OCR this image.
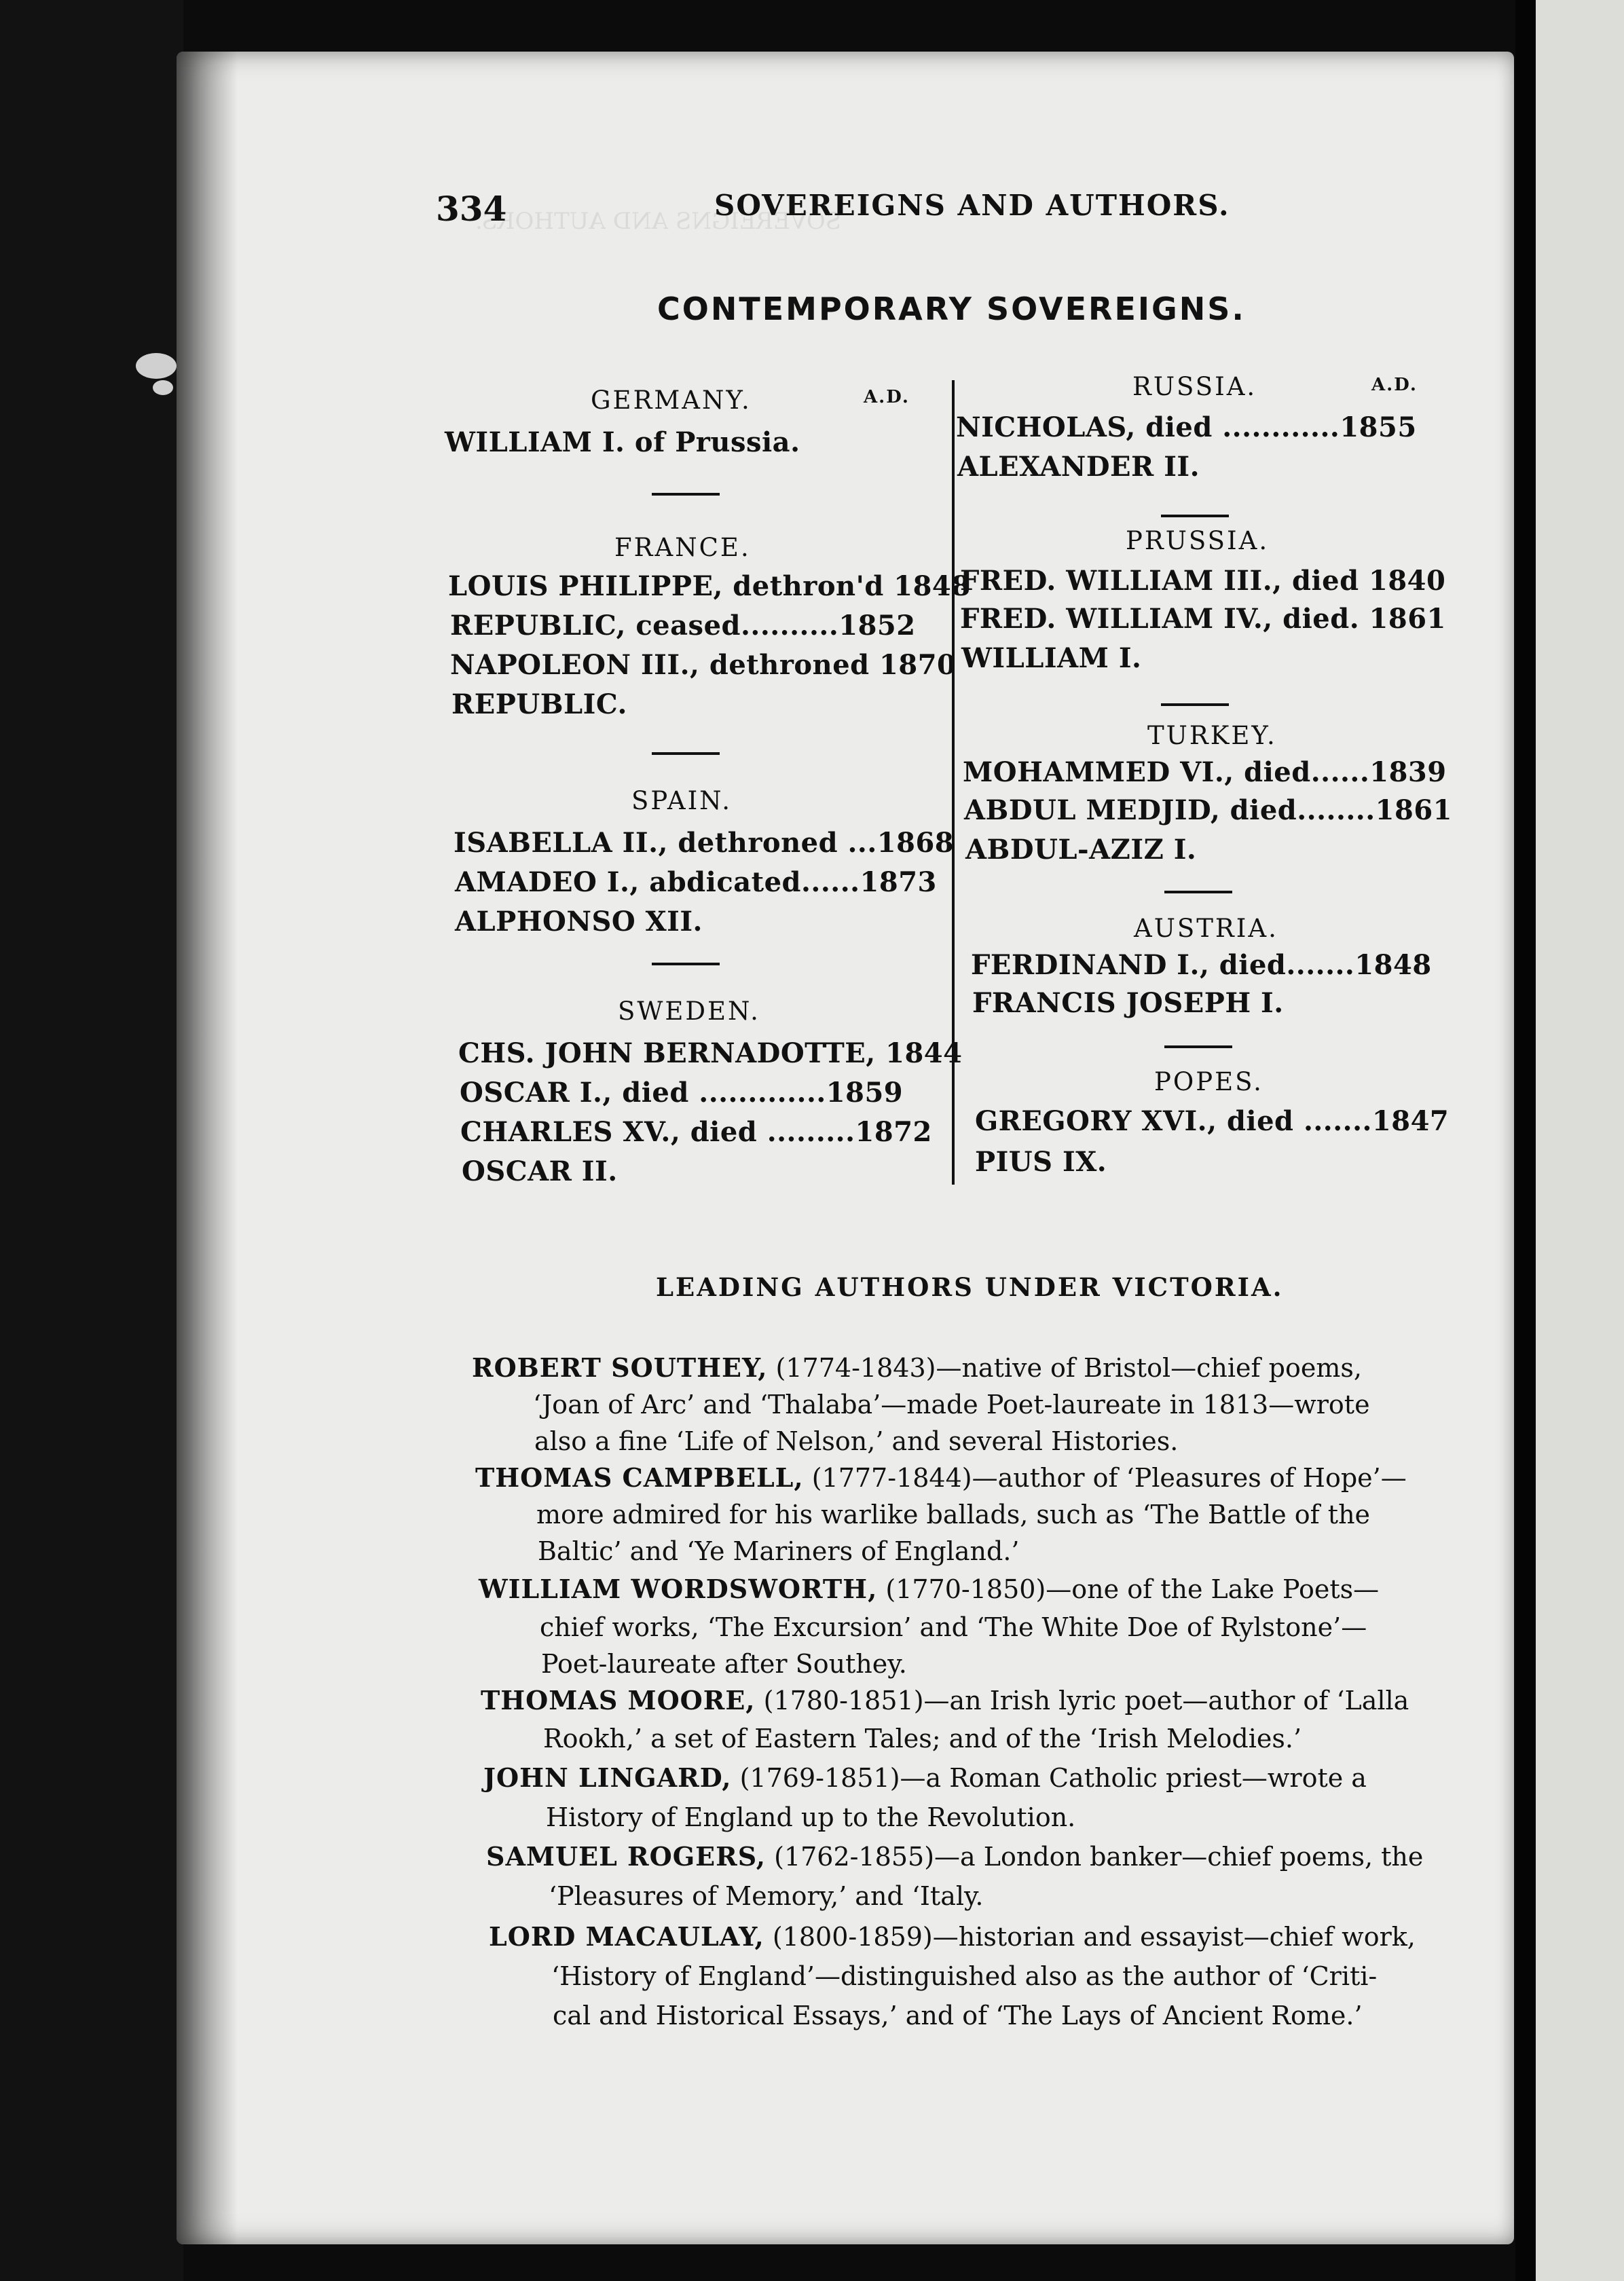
SOVEREIGNS AND AUTHORS.
334	SOVEREIGNS AND AUTHORS.
CONTEMPORARY SOVEREIGNS.
A.D.
A.D.
GERMANY.
WILLIAM I. of Prussia.
FRANCE.
LOUIS PHILIPPE, dethron'd 1848
REPUBLIC, ceased..........1852
NAPOLEON III., dethroned 1870
REPUBLIC.
SPAIN.
ISABELLA II., dethroned ...1868
AMADEO I., abdicated......1873
ALPHONSO XII.
SWEDEN.
CHS. JOHN BERNADOTTE, 1844
OSCAR I., died .............1859
CHARLES XV., died .........1872
OSCAR II.
RUSSIA.
NICHOLAS, died ............1855
ALEXANDER II.
PRUSSIA.
FRED. WILLIAM III., died 1840
FRED. WILLIAM IV., died. 1861
WILLIAM I.
TURKEY.
MOHAMMED VI., died......1839
ABDUL MEDJID, died........1861
ABDUL-AZIZ I.
AUSTRIA.
FERDINAND I., died.......1848
FRANCIS JOSEPH I.
POPES.
GREGORY XVI., died .......1847
PIUS IX.
LEADING AUTHORS UNDER VICTORIA.
ROBERT SOUTHEY, (1774-1843)—native of Bristol—chief poems,
‘Joan of Arc’ and ‘Thalaba’—made Poet-laureate in 1813—wrote
also a fine ‘Life of Nelson,’ and several Histories.
THOMAS CAMPBELL, (1777-1844)—author of ‘Pleasures of Hope’—
more admired for his warlike ballads, such as ‘The Battle of the
Baltic’ and ‘Ye Mariners of England.’
WILLIAM WORDSWORTH, (1770-1850)—one of the Lake Poets—
chief works, ‘The Excursion’ and ‘The White Doe of Rylstone’—
Poet-laureate after Southey.
THOMAS MOORE, (1780-1851)—an Irish lyric poet—author of ‘Lalla
Rookh,’ a set of Eastern Tales; and of the ‘Irish Melodies.’
JOHN LINGARD, (1769-1851)—a Roman Catholic priest—wrote a
History of England up to the Revolution.
SAMUEL ROGERS, (1762-1855)—a London banker—chief poems, the
‘Pleasures of Memory,’ and ‘Italy.
LORD MACAULAY, (1800-1859)—historian and essayist—chief work,
‘History of England’—distinguished also as the author of ‘Criti-
cal and Historical Essays,’ and of ‘The Lays of Ancient Rome.’
